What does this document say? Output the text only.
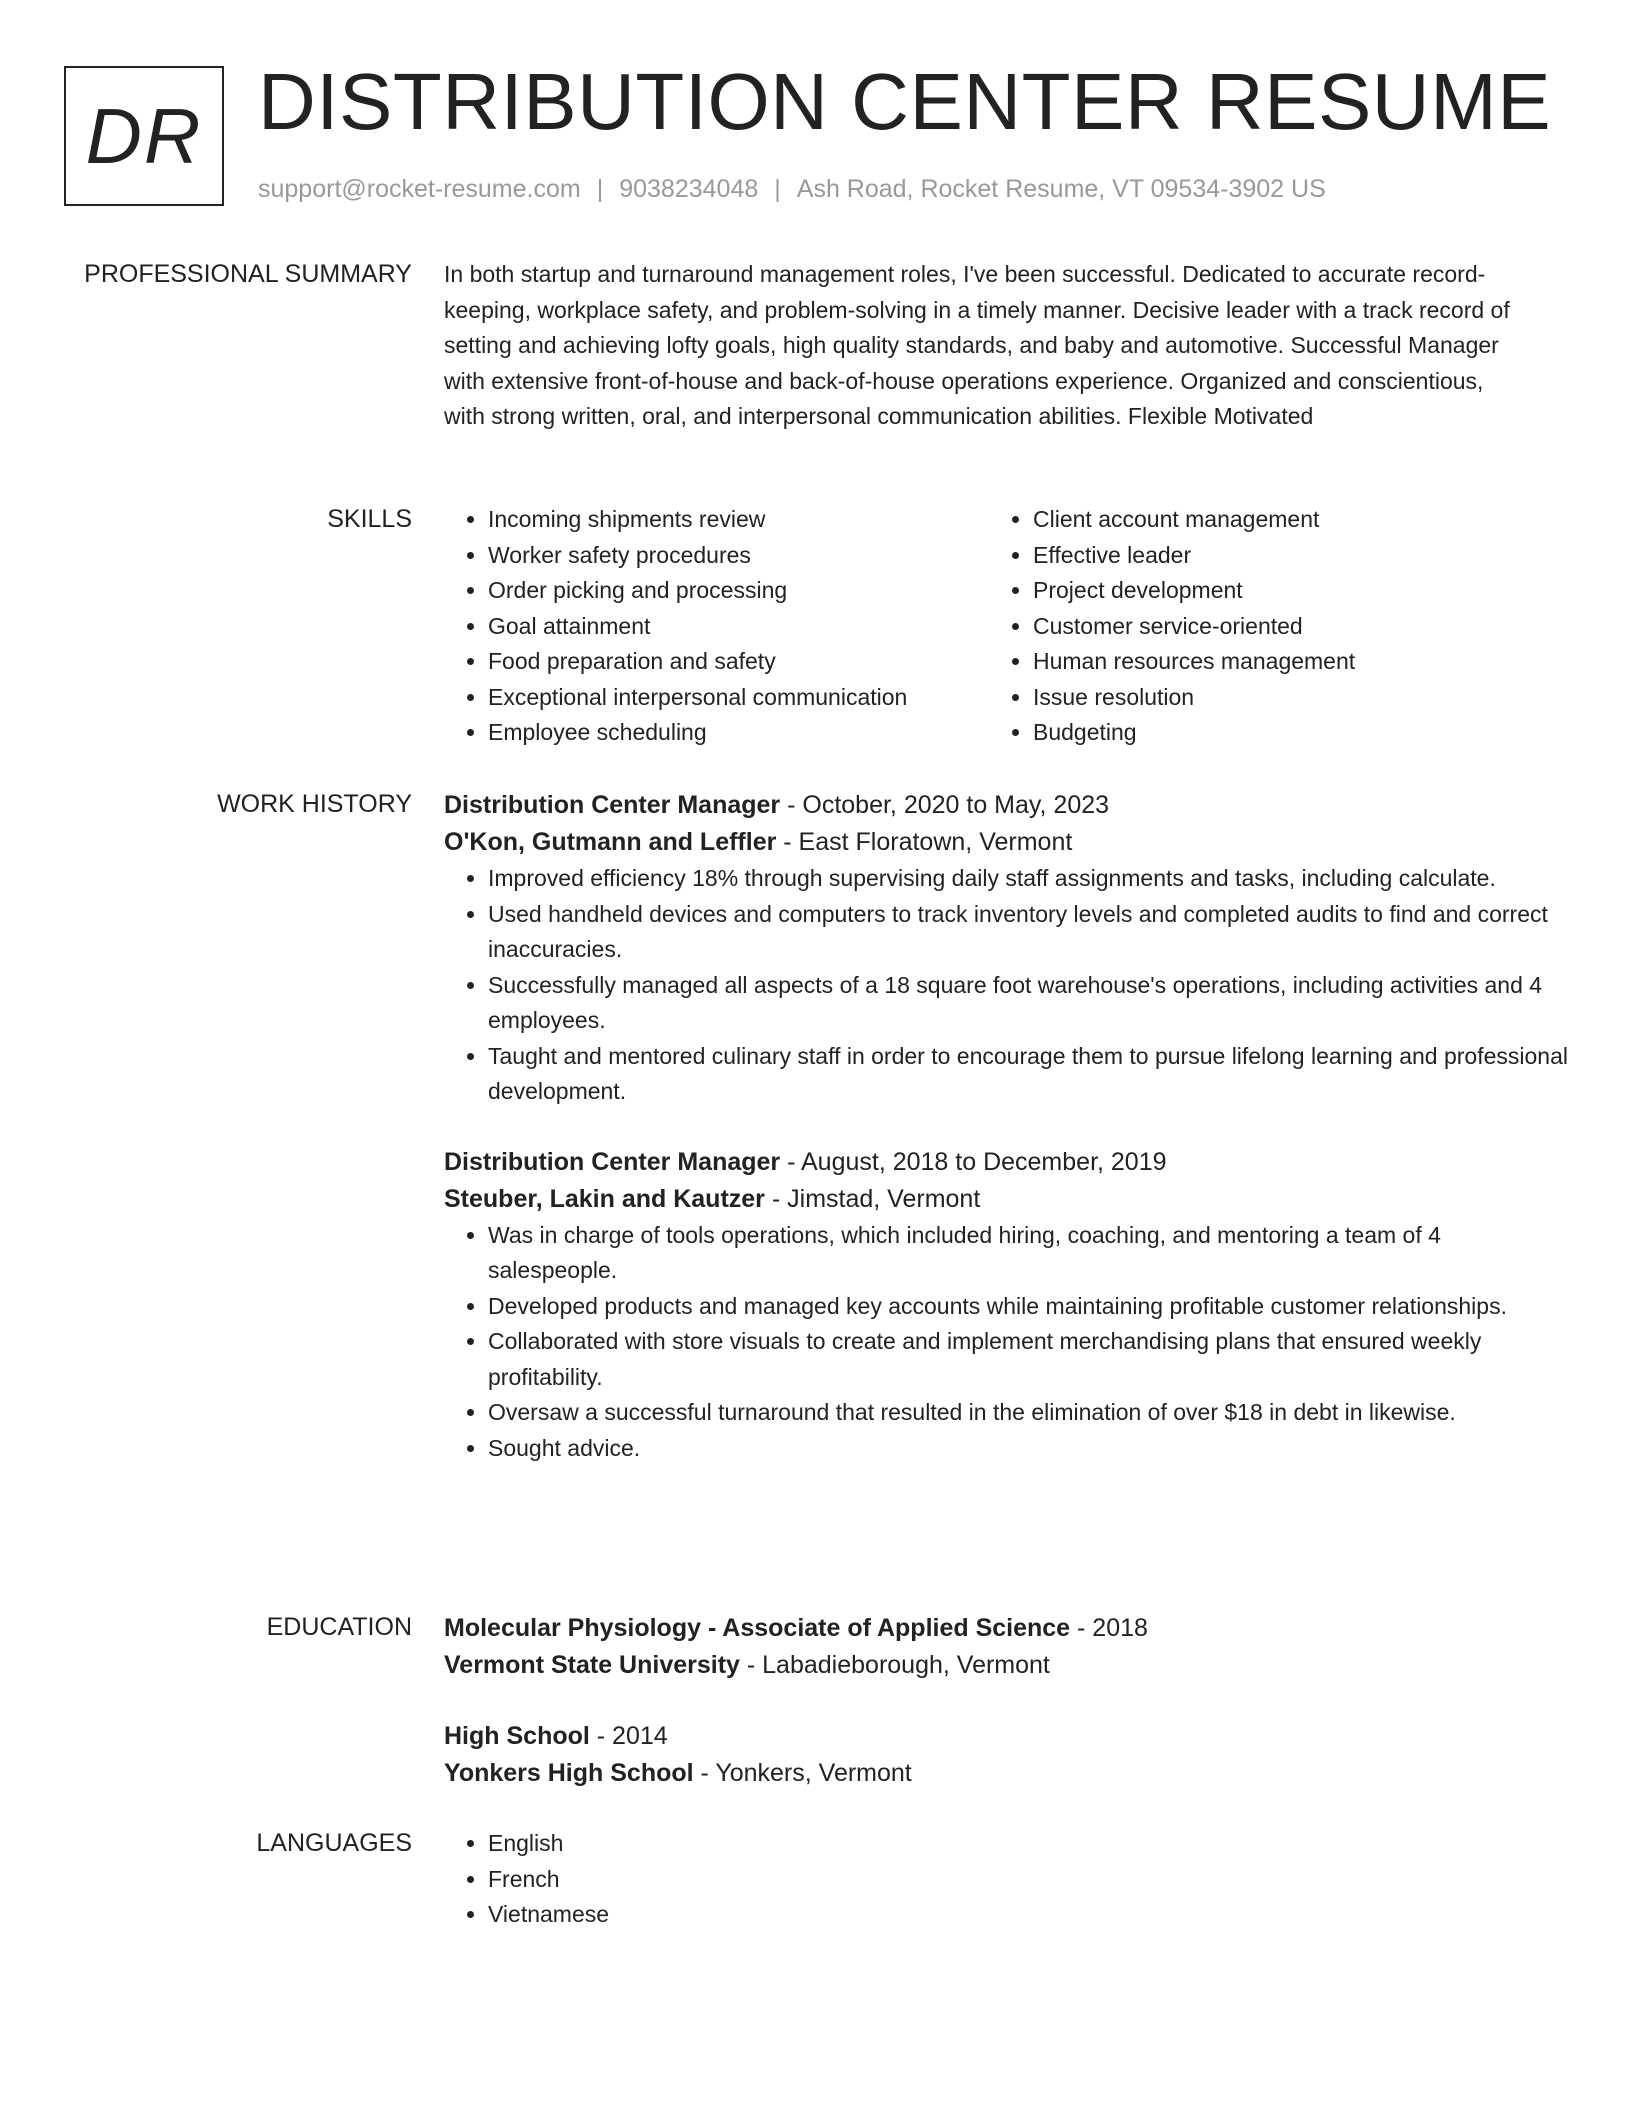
DR DISTRIBUTION CENTER RESUME
support@rocket-resume.com | 9038234048 | Ash Road, Rocket Resume, VT 09534-3902 US
PROFESSIONAL SUMMARY In both startup and turnaround management roles, I've been successful. Dedicated to accurate record-keeping, workplace safety, and problem-solving in a timely manner. Decisive leader with a track record of setting and achieving lofty goals, high quality standards, and baby and automotive. Successful Manager with extensive front-of-house and back-of-house operations experience. Organized and conscientious, with strong written, oral, and interpersonal communication abilities. Flexible Motivated

SKILLS	• Incoming shipments review
• Worker safety procedures
• Order picking and processing
• Goal attainment
• Food preparation and safety
• Exceptional interpersonal communication
• Employee scheduling
• Client account management
• Effective leader
• Project development
• Customer service-oriented
• Human resources management
• Issue resolution
• Budgeting
WORK HISTORY Distribution Center Manager - October, 2020 to May, 2023
O'Kon, Gutmann and Leffler - East Floratown, Vermont
• Improved efficiency 18% through supervising daily staff assignments and tasks, including calculate.
• Used handheld devices and computers to track inventory levels and completed audits to find and correct inaccuracies.
• Successfully managed all aspects of a 18 square foot warehouse's operations, including activities and 4 employees.
• Taught and mentored culinary staff in order to encourage them to pursue lifelong learning and professional development.
Distribution Center Manager - August, 2018 to December, 2019
Steuber, Lakin and Kautzer - Jimstad, Vermont
• Was in charge of tools operations, which included hiring, coaching, and mentoring a team of 4 salespeople.
• Developed products and managed key accounts while maintaining profitable customer relationships.
• Collaborated with store visuals to create and implement merchandising plans that ensured weekly profitability.
• Oversaw a successful turnaround that resulted in the elimination of over $18 in debt in likewise.
• Sought advice.
EDUCATION Molecular Physiology - Associate of Applied Science - 2018
Vermont State University - Labadieborough, Vermont
High School - 2014
Yonkers High School - Yonkers, Vermont
LANGUAGES	• English
• French
• Vietnamese
